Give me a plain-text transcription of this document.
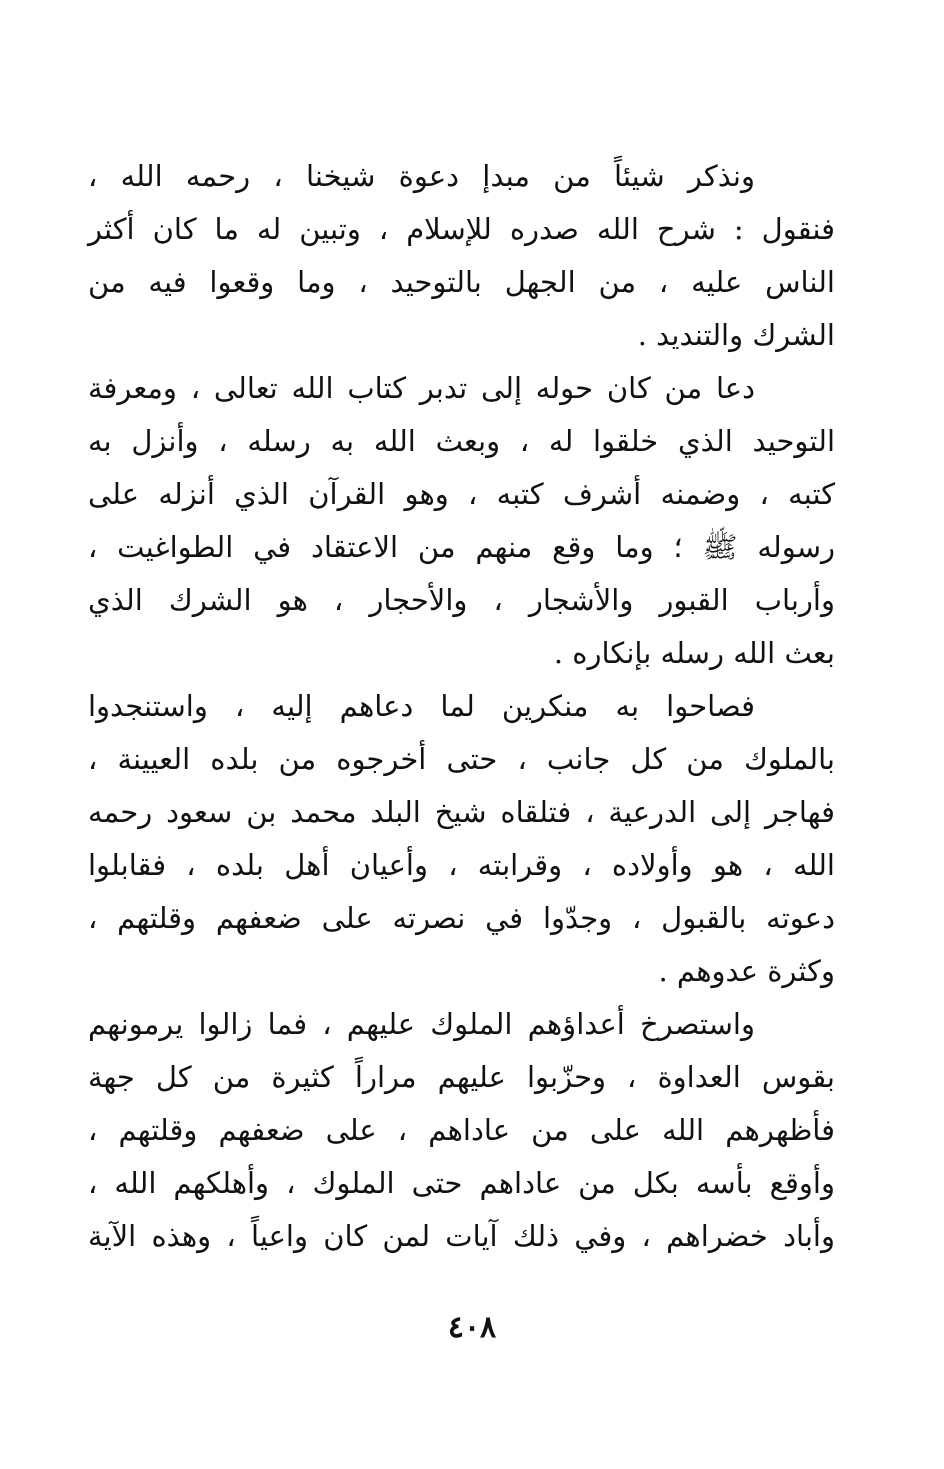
ونذكر شيئاً من مبدإ دعوة شيخنا ، رحمه الله ،
فنقول : شرح الله صدره للإسلام ، وتبين له ما كان أكثر
الناس عليه ، من الجهل بالتوحيد ، وما وقعوا فيه من
الشرك والتنديد .
دعا من كان حوله إلى تدبر كتاب الله تعالى ، ومعرفة
التوحيد الذي خلقوا له ، وبعث الله به رسله ، وأنزل به
كتبه ، وضمنه أشرف كتبه ، وهو القرآن الذي أنزله على
رسوله ﷺ ؛ وما وقع منهم من الاعتقاد في الطواغيت ،
وأرباب القبور والأشجار ، والأحجار ، هو الشرك الذي
بعث الله رسله بإنكاره .
فصاحوا به منكرين لما دعاهم إليه ، واستنجدوا
بالملوك من كل جانب ، حتى أخرجوه من بلده العيينة ،
فهاجر إلى الدرعية ، فتلقاه شيخ البلد محمد بن سعود رحمه
الله ، هو وأولاده ، وقرابته ، وأعيان أهل بلده ، فقابلوا
دعوته بالقبول ، وجدّوا في نصرته على ضعفهم وقلتهم ،
وكثرة عدوهم .
واستصرخ أعداؤهم الملوك عليهم ، فما زالوا يرمونهم
بقوس العداوة ، وحزّبوا عليهم مراراً كثيرة من كل جهة
فأظهرهم الله على من عاداهم ، على ضعفهم وقلتهم ،
وأوقع بأسه بكل من عاداهم حتى الملوك ، وأهلكهم الله ،
وأباد خضراهم ، وفي ذلك آيات لمن كان واعياً ، وهذه الآية
٤٠٨
